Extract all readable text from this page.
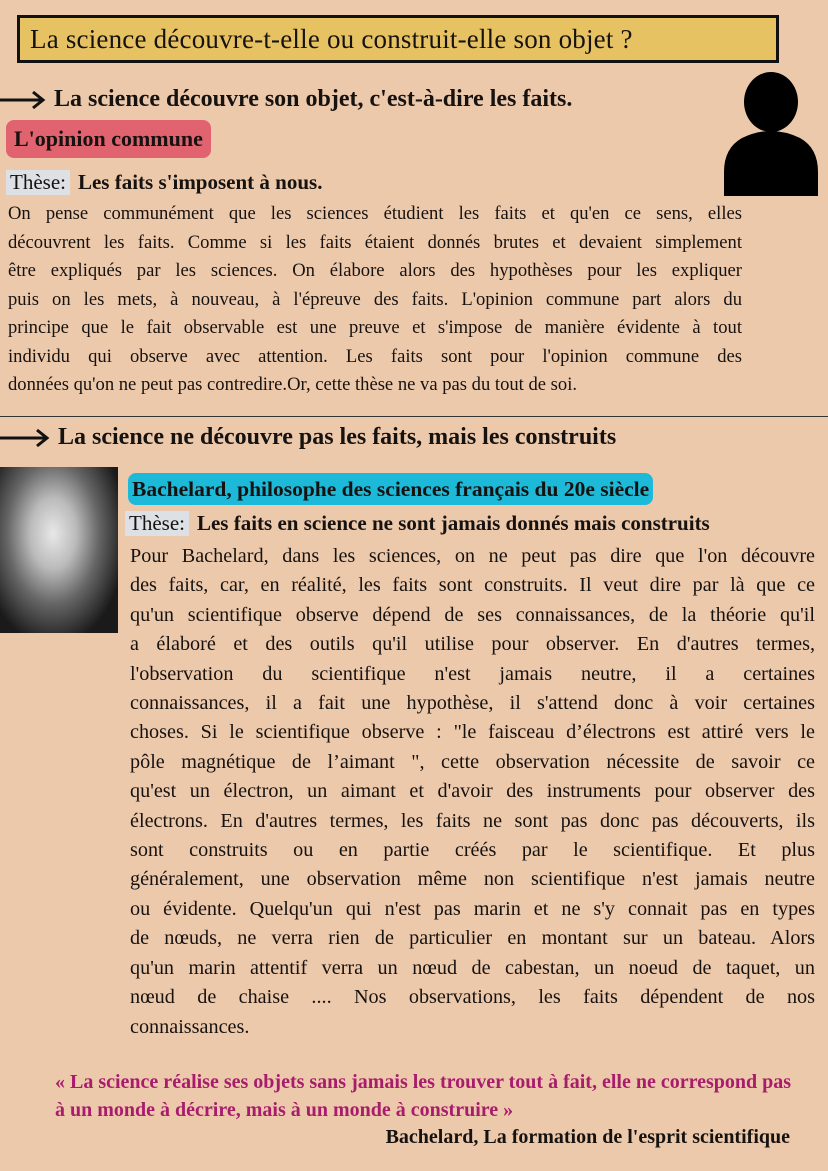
La science découvre-t-elle ou construit-elle son objet ?
La science découvre son objet, c'est-à-dire les faits.
L'opinion commune
Thèse: Les faits s'imposent à nous.
On pense communément que les sciences étudient les faits et qu'en ce sens, elles
découvrent les faits. Comme si les faits étaient donnés brutes et devaient simplement
être expliqués par les sciences. On élabore alors des hypothèses pour les expliquer
puis on les mets, à nouveau, à l'épreuve des faits. L'opinion commune part alors du
principe que le fait observable est une preuve et s'impose de manière évidente à tout
individu qui observe avec attention. Les faits sont pour l'opinion commune des
données qu'on ne peut pas contredire.Or, cette thèse ne va pas du tout de soi.
La science ne découvre pas les faits, mais les construits
Bachelard, philosophe des sciences français du 20e siècle
Thèse: Les faits en science ne sont jamais donnés mais construits
Pour Bachelard, dans les sciences, on ne peut pas dire que l'on découvre
des faits, car, en réalité, les faits sont construits. Il veut dire par là que ce
qu'un scientifique observe dépend de ses connaissances, de la théorie qu'il
a élaboré et des outils qu'il utilise pour observer. En d'autres termes,
l'observation du scientifique n'est jamais neutre, il a certaines
connaissances, il a fait une hypothèse, il s'attend donc à voir certaines
choses. Si le scientifique observe : "le faisceau d’électrons est attiré vers le
pôle magnétique de l’aimant ", cette observation nécessite de savoir ce
qu'est un électron, un aimant et d'avoir des instruments pour observer des
électrons. En d'autres termes, les faits ne sont pas donc pas découverts, ils
sont construits ou en partie créés par le scientifique. Et plus
généralement, une observation même non scientifique n'est jamais neutre
ou évidente. Quelqu'un qui n'est pas marin et ne s'y connait pas en types
de nœuds, ne verra rien de particulier en montant sur un bateau. Alors
qu'un marin attentif verra un nœud de cabestan, un noeud de taquet, un
nœud de chaise .... Nos observations, les faits dépendent de nos
connaissances.
« La science réalise ses objets sans jamais les trouver tout à fait, elle ne correspond pas à un monde à décrire, mais à un monde à construire »
Bachelard, La formation de l'esprit scientifique
